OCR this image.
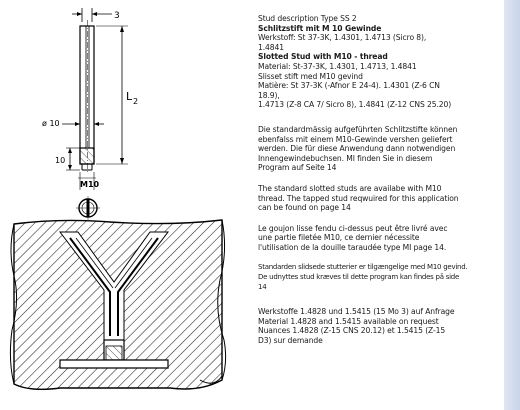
3
L 2
ø 10
10
M10
Stud description Type SS 2
Schlitzstift mit M 10 Gewinde
Werkstoff: St 37-3K, 1.4301, 1.4713 (Sicro 8),
1.4841
Slotted Stud with M10 - thread
Material: St-37-3K, 1.4301, 1.4713, 1.4841
Slisset stift med M10 gevind
Matière: St 37-3K (-Afnor E 24-4). 1.4301 (Z-6 CN
18.9),
1.4713 (Z-8 CA 7/ Sicro 8), 1.4841 (Z-12 CNS 25.20)
Die standardmässig aufgeführten Schlitzstifte können
ebenfalss mit einem M10-Gewinde vershen geliefert
werden. Die für diese Anwendung dann notwendigen
Innengewindebuchsen. MI finden Sie in diesem
Program auf Seite 14
The standard slotted studs are availabe with M10
thread. The tapped stud reqwuired for this application
can be found on page 14
Le goujon lisse fendu ci-dessus peut être livré avec
une partie filetée M10, ce dernier nécessite
l'utilisation de la douille taraudée type MI page 14.
Standarden slidsede stutterier er tilgængelige med M10 gevind.
De udnyttes stud kræves til dette program kan findes på side
14
Werkstoffe 1.4828 und 1.5415 (15 Mo 3) auf Anfrage
Material 1.4828 and 1.5415 available on request
Nuances 1.4828 (Z-15 CNS 20.12) et 1.5415 (Z-15
D3) sur demande
